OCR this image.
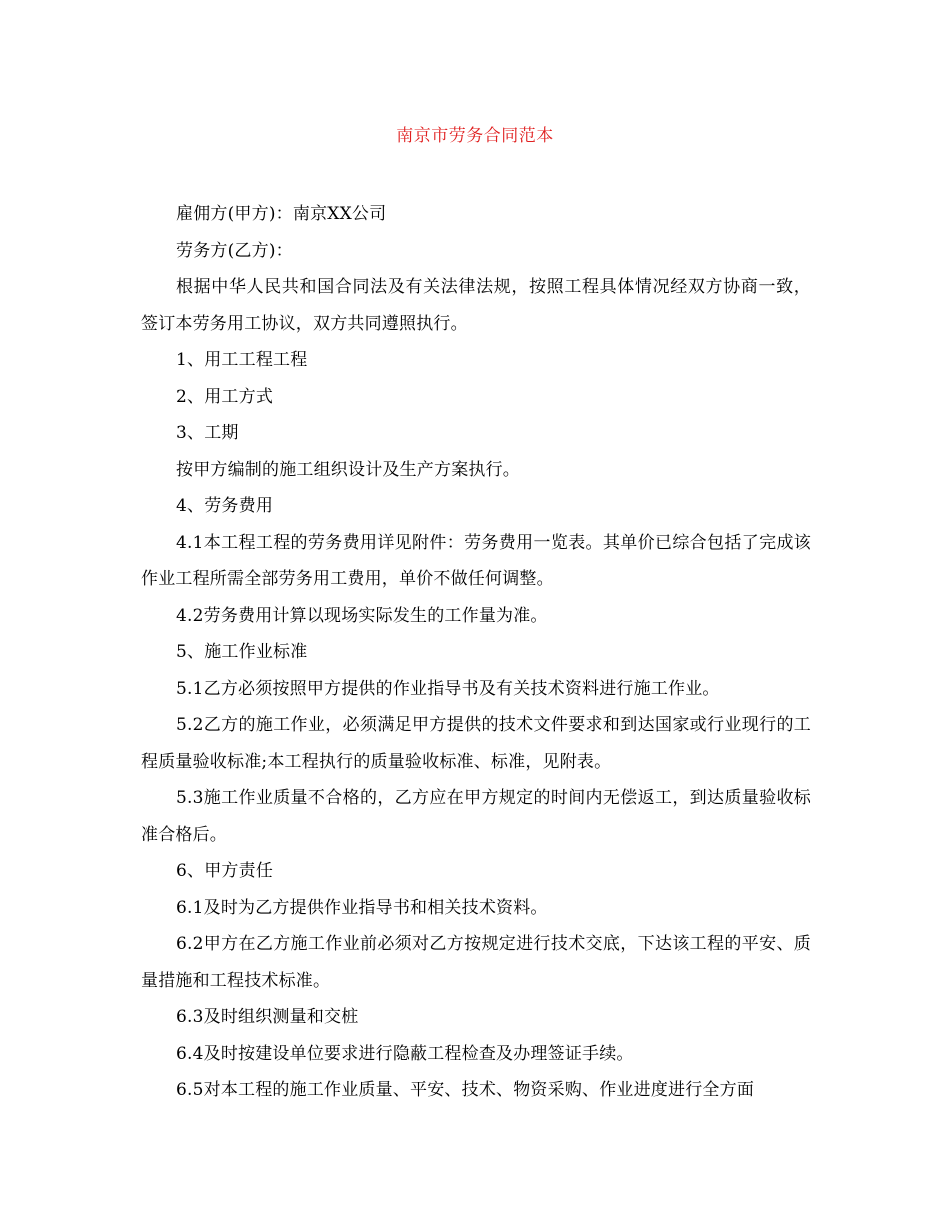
南京市劳务合同范本

雇佣方(甲方)：南京XX公司

劳务方(乙方)：

根据中华人民共和国合同法及有关法律法规，按照工程具体情况经双方协商一致，签订本劳务用工协议，双方共同遵照执行。

1、用工工程工程

2、用工方式

3、工期

按甲方编制的施工组织设计及生产方案执行。

4、劳务费用

4.1本工程工程的劳务费用详见附件：劳务费用一览表。其单价已综合包括了完成该作业工程所需全部劳务用工费用，单价不做任何调整。

4.2劳务费用计算以现场实际发生的工作量为准。

5、施工作业标准

5.1乙方必须按照甲方提供的作业指导书及有关技术资料进行施工作业。

5.2乙方的施工作业，必须满足甲方提供的技术文件要求和到达国家或行业现行的工程质量验收标准;本工程执行的质量验收标准、标准，见附表。

5.3施工作业质量不合格的，乙方应在甲方规定的时间内无偿返工，到达质量验收标准合格后。

6、甲方责任

6.1及时为乙方提供作业指导书和相关技术资料。

6.2甲方在乙方施工作业前必须对乙方按规定进行技术交底，下达该工程的平安、质量措施和工程技术标准。

6.3及时组织测量和交桩

6.4及时按建设单位要求进行隐蔽工程检查及办理签证手续。

6.5对本工程的施工作业质量、平安、技术、物资采购、作业进度进行全方面
